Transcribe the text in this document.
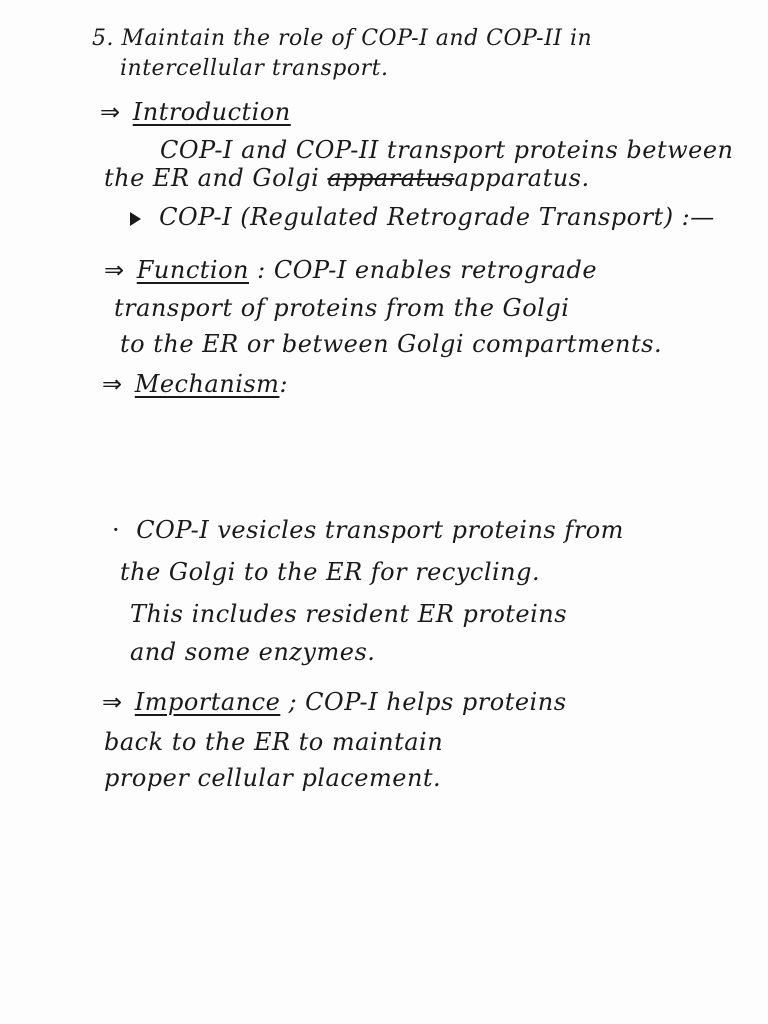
5. Maintain the role of COP-I and COP-II in
intercellular transport.
⇒ Introduction
COP-I and COP-II transport proteins between
the ER and Golgi apparatusapparatus.
COP-I (Regulated Retrograde Transport) :—
⇒ Function : COP-I enables retrograde
transport of proteins from the Golgi
to the ER or between Golgi compartments.
⇒ Mechanism:
· COP-I vesicles transport proteins from
the Golgi to the ER for recycling.
This includes resident ER proteins
and some enzymes.
⇒ Importance ; COP-I helps proteins
back to the ER to maintain
proper cellular placement.
